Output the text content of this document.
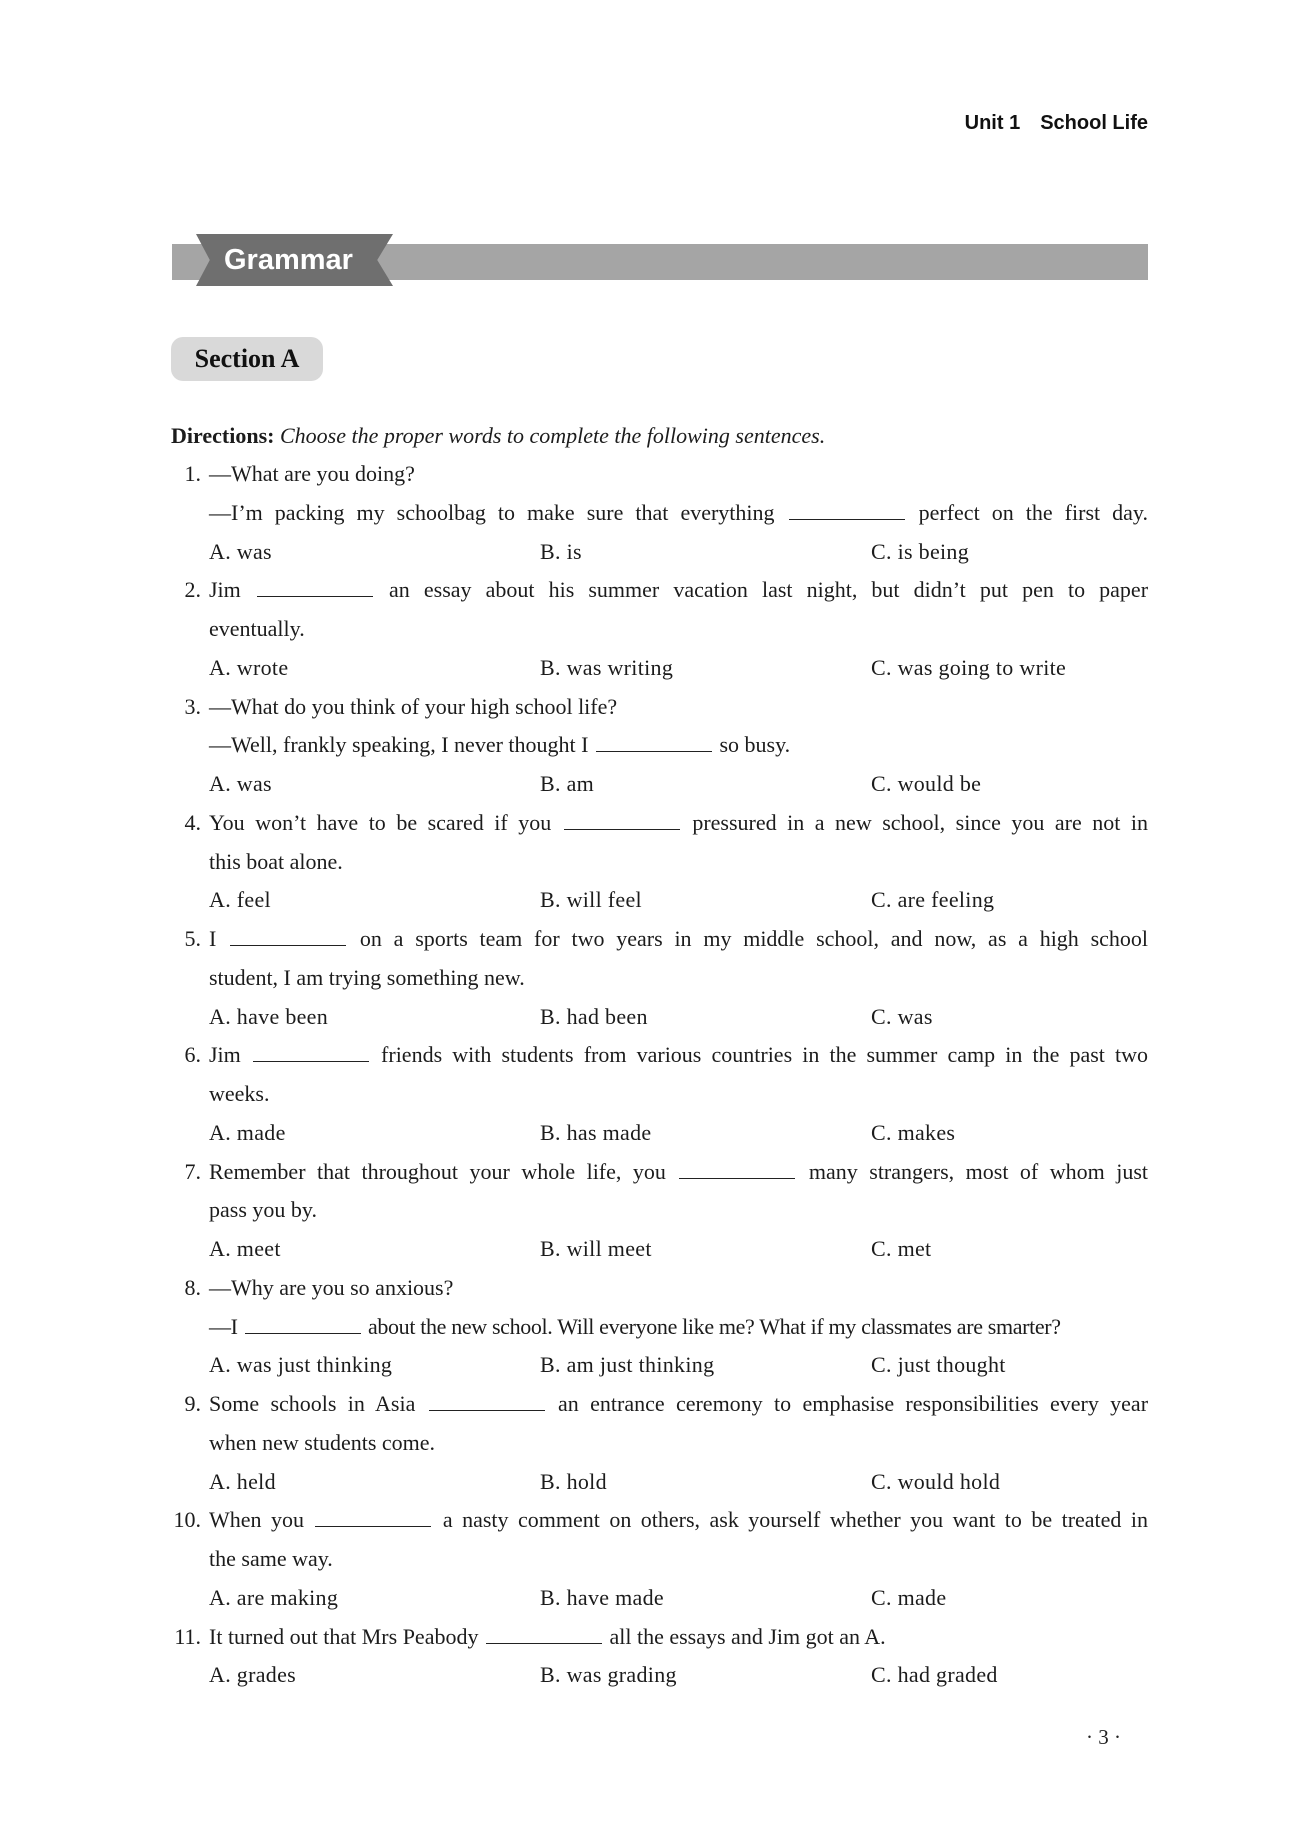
Unit 1 School Life
Grammar
Section A
Directions: Choose the proper words to complete the following sentences.
1. —What are you doing?
—I’m packing my schoolbag to make sure that everything	perfect on the first day.
A. was	B. is	C. is being
2. Jim	an essay about his summer vacation last night, but didn’t put pen to paper
eventually.
A. wrote	B. was writing	C. was going to write
3. —What do you think of your high school life?
—Well, frankly speaking, I never thought I	so busy.
A. was	B. am	C. would be
4. You won’t have to be scared if you	pressured in a new school, since you are not in
this boat alone.
A. feel	B. will feel	C. are feeling
5. I	on a sports team for two years in my middle school, and now, as a high school
student, I am trying something new.
A. have been	B. had been	C. was
6. Jim	friends with students from various countries in the summer camp in the past two
weeks.
A. made	B. has made	C. makes
7. Remember that throughout your whole life, you	many strangers, most of whom just
pass you by.
A. meet	B. will meet	C. met
8. —Why are you so anxious?
—I	about the new school. Will everyone like me? What if my classmates are smarter?
A. was just thinking	B. am just thinking	C. just thought
9. Some schools in Asia	an entrance ceremony to emphasise responsibilities every year
when new students come.
A. held	B. hold	C. would hold
10. When you	a nasty comment on others, ask yourself whether you want to be treated in
the same way.
A. are making	B. have made	C. made
11. It turned out that Mrs Peabody	all the essays and Jim got an A.
A. grades	B. was grading	C. had graded
· 3 ·
